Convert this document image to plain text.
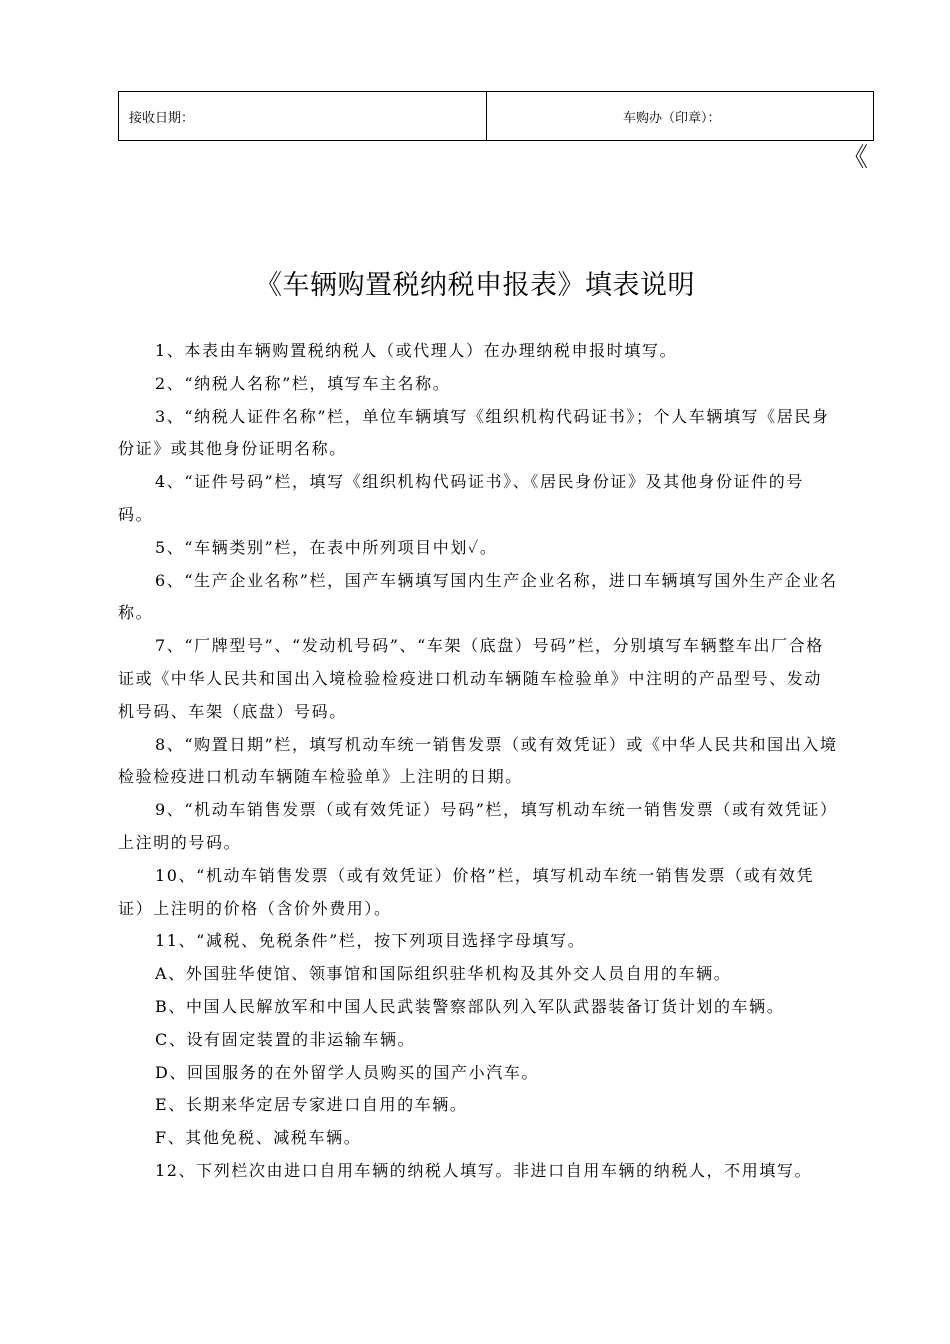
接收日期：	车购办（印章）：
《
《车辆购置税纳税申报表》填表说明

1、本表由车辆购置税纳税人（或代理人）在办理纳税申报时填写。

2、“纳税人名称”栏，填写车主名称。

3、“纳税人证件名称”栏，单位车辆填写《组织机构代码证书》；个人车辆填写《居民身份证》或其他身份证明名称。

4、“证件号码”栏，填写《组织机构代码证书》、《居民身份证》及其他身份证件的号码。

5、“车辆类别”栏，在表中所列项目中划✓。

6、“生产企业名称”栏，国产车辆填写国内生产企业名称，进口车辆填写国外生产企业名称。

7、“厂牌型号”、“发动机号码”、“车架（底盘）号码”栏，分别填写车辆整车出厂合格证或《中华人民共和国出入境检验检疫进口机动车辆随车检验单》中注明的产品型号、发动机号码、车架（底盘）号码。

8、“购置日期”栏，填写机动车统一销售发票（或有效凭证）或《中华人民共和国出入境检验检疫进口机动车辆随车检验单》上注明的日期。

9、“机动车销售发票（或有效凭证）号码”栏，填写机动车统一销售发票（或有效凭证）上注明的号码。

10、“机动车销售发票（或有效凭证）价格”栏，填写机动车统一销售发票（或有效凭证）上注明的价格（含价外费用）。

11、“减税、免税条件”栏，按下列项目选择字母填写。

A、外国驻华使馆、领事馆和国际组织驻华机构及其外交人员自用的车辆。

B、中国人民解放军和中国人民武装警察部队列入军队武器装备订货计划的车辆。

C、设有固定装置的非运输车辆。

D、回国服务的在外留学人员购买的国产小汽车。

E、长期来华定居专家进口自用的车辆。

F、其他免税、减税车辆。

12、下列栏次由进口自用车辆的纳税人填写。非进口自用车辆的纳税人，不用填写。
